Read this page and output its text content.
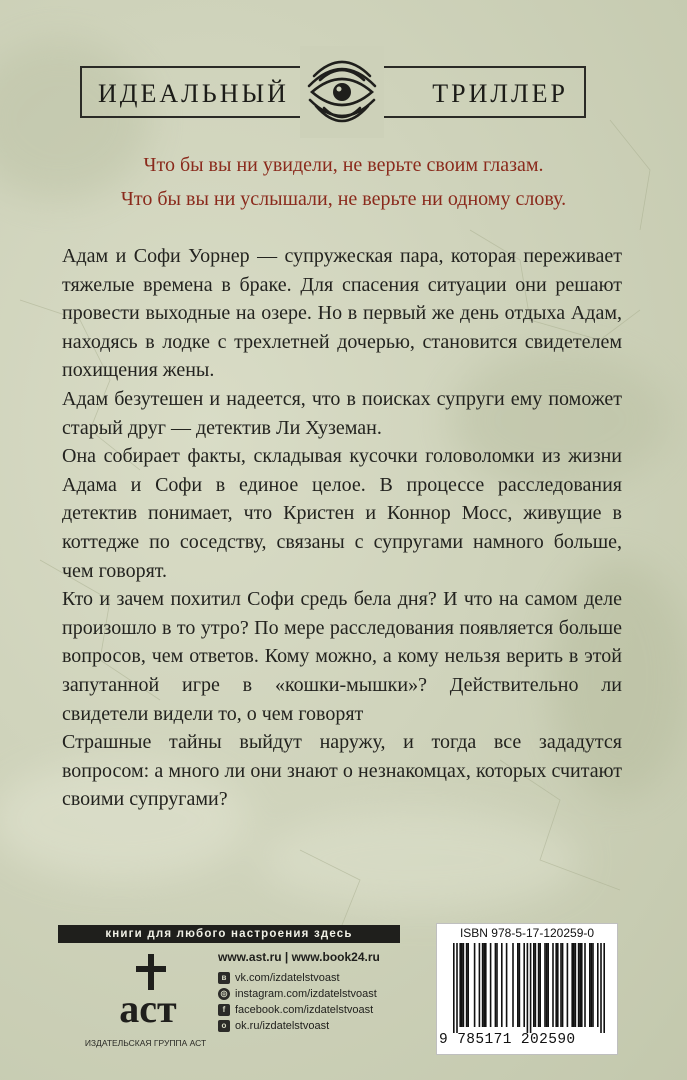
ИДЕАЛЬНЫЙ	ТРИЛЛЕР
Что бы вы ни увидели, не верьте своим глазам.
Что бы вы ни услышали, не верьте ни одному слову.

Адам и Софи Уорнер — супружеская пара, которая переживает тяжелые времена в браке. Для спасения ситуации они решают провести выходные на озере. Но в первый же день отдыха Адам, находясь в лодке с трехлетней дочерью, становится свидетелем похищения жены.

Адам безутешен и надеется, что в поисках супруги ему поможет старый друг — детектив Ли Хуземан.

Она собирает факты, складывая кусочки головоломки из жизни Адама и Софи в единое целое. В процессе расследования детектив понимает, что Кристен и Коннор Мосс, живущие в коттедже по соседству, связаны с супругами намного больше, чем говорят.

Кто и зачем похитил Софи средь бела дня? И что на самом деле произошло в то утро? По мере расследования появляется больше вопросов, чем ответов. Кому можно, а кому нельзя верить в этой запутанной игре в «кошки-мышки»? Действительно ли свидетели видели то, о чем говорят

Страшные тайны выйдут наружу, и тогда все зададутся вопросом: а много ли они знают о незнакомцах, которых считают своими супругами?

книги для любого настроения здесь
аст
ИЗДАТЕЛЬСКАЯ ГРУППА АСТ
www.ast.ru | www.book24.ru
в vk.com/izdatelstvoast
◎ instagram.com/izdatelstvoast
f facebook.com/izdatelstvoast
о ok.ru/izdatelstvoast
ISBN 978-5-17-120259-0
9 785171 202590
